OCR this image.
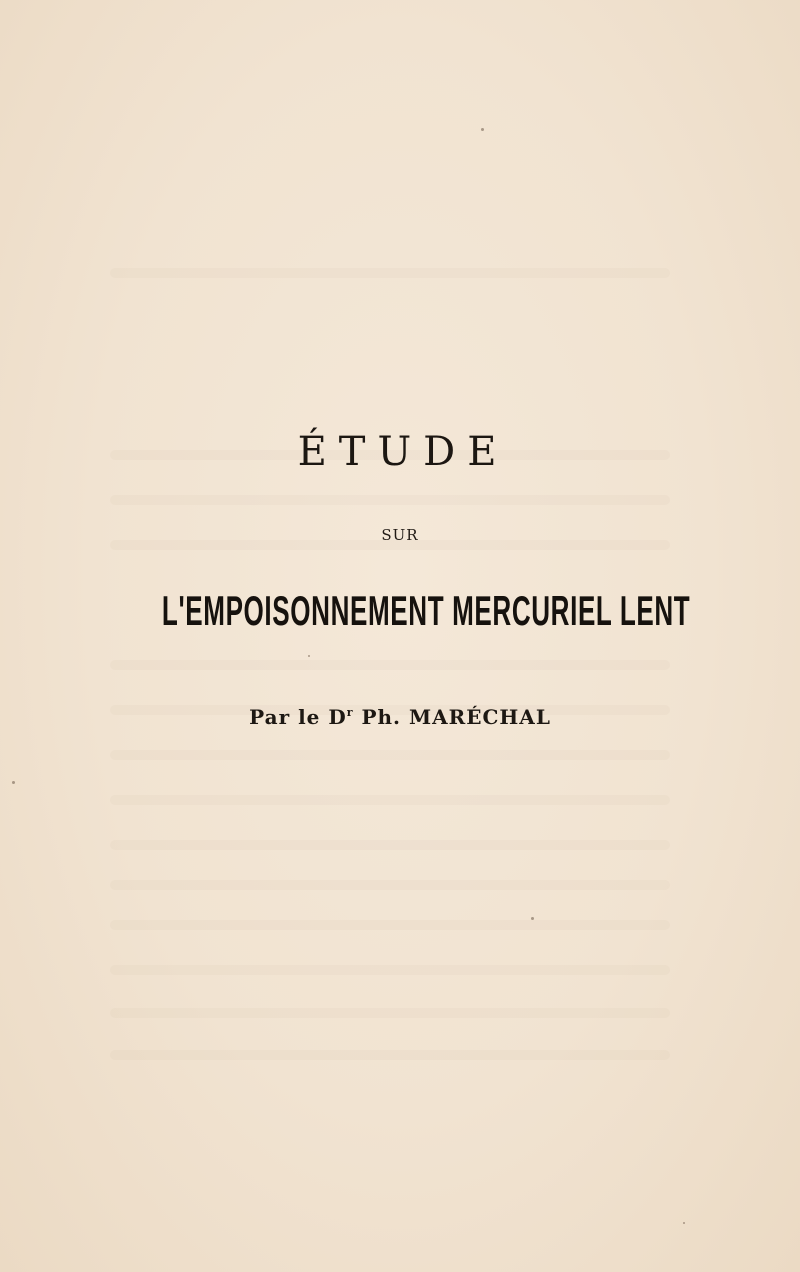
ÉTUDE
SUR
L'EMPOISONNEMENT MERCURIEL LENT
Par le $D^r$ Ph. MARÉCHAL
